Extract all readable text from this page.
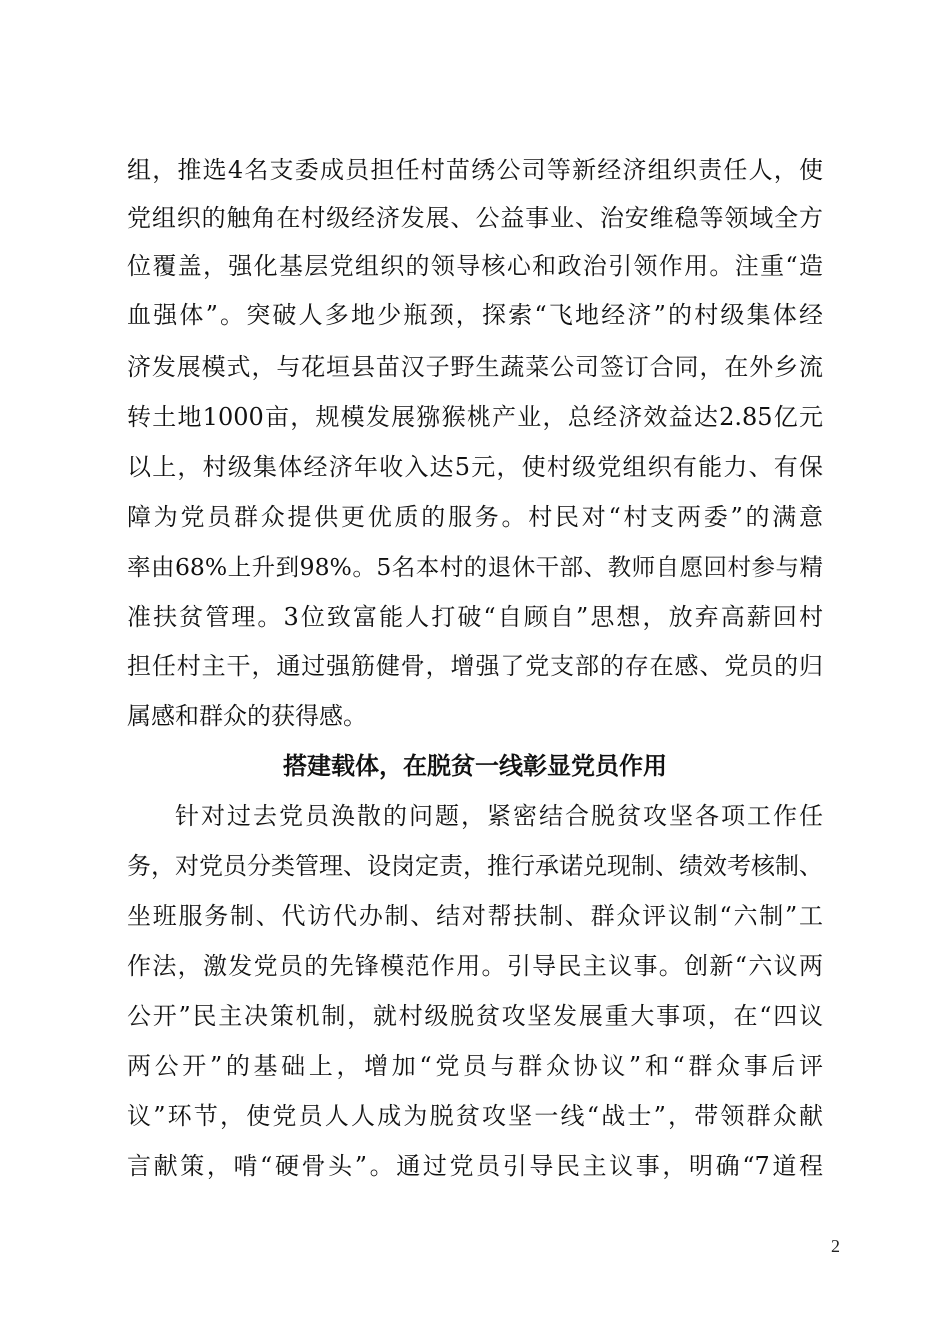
组，推选4名支委成员担任村苗绣公司等新经济组织责任人，使
党组织的触角在村级经济发展、公益事业、治安维稳等领域全方
位覆盖，强化基层党组织的领导核心和政治引领作用。注重“造
血强体”。突破人多地少瓶颈，探索“飞地经济”的村级集体经
济发展模式，与花垣县苗汉子野生蔬菜公司签订合同，在外乡流
转土地1000亩，规模发展猕猴桃产业，总经济效益达2.85亿元
以上，村级集体经济年收入达5元，使村级党组织有能力、有保
障为党员群众提供更优质的服务。村民对“村支两委”的满意
率由68%上升到98%。5名本村的退休干部、教师自愿回村参与精
准扶贫管理。3位致富能人打破“自顾自”思想，放弃高薪回村
担任村主干，通过强筋健骨，增强了党支部的存在感、党员的归
属感和群众的获得感。
搭建载体，在脱贫一线彰显党员作用
针对过去党员涣散的问题，紧密结合脱贫攻坚各项工作任
务，对党员分类管理、设岗定责，推行承诺兑现制、绩效考核制、
坐班服务制、代访代办制、结对帮扶制、群众评议制“六制”工
作法，激发党员的先锋模范作用。引导民主议事。创新“六议两
公开”民主决策机制，就村级脱贫攻坚发展重大事项，在“四议
两公开”的基础上，增加“党员与群众协议”和“群众事后评
议”环节，使党员人人成为脱贫攻坚一线“战士”，带领群众献
言献策，啃“硬骨头”。通过党员引导民主议事，明确“7道程
2
